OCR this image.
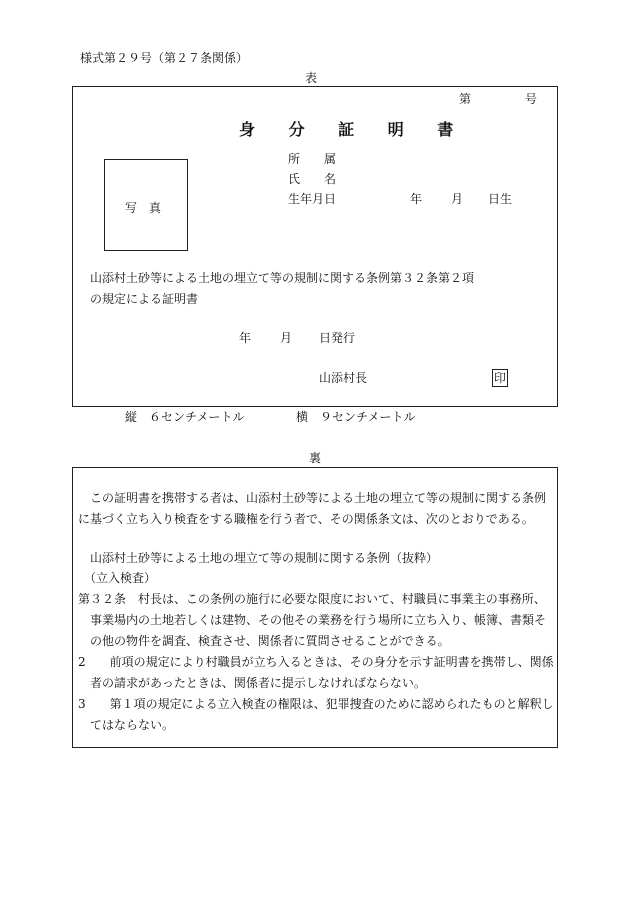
様式第２９号（第２７条関係）
表
第	号
身 分 証 明 書
写　真
所　　属
氏　　名
生年月日	年 月 日生
山添村土砂等による土地の埋立て等の規制に関する条例第３２条第２項
の規定による証明書
年 月 日発行
山添村長	印
縦　６センチメートル	横　９センチメートル
裏
この証明書を携帯する者は、山添村土砂等による土地の埋立て等の規制に関する条例
に基づく立ち入り検査をする職権を行う者で、その関係条文は、次のとおりである。
山添村土砂等による土地の埋立て等の規制に関する条例（抜粋）
（立入検査）
第３２条　村長は、この条例の施行に必要な限度において、村職員に事業主の事務所、
事業場内の土地若しくは建物、その他その業務を行う場所に立ち入り、帳簿、書類そ
の他の物件を調査、検査させ、関係者に質問させることができる。
2　　前項の規定により村職員が立ち入るときは、その身分を示す証明書を携帯し、関係
者の請求があったときは、関係者に提示しなければならない。
3　　第１項の規定による立入検査の権限は、犯罪捜査のために認められたものと解釈し
てはならない。
